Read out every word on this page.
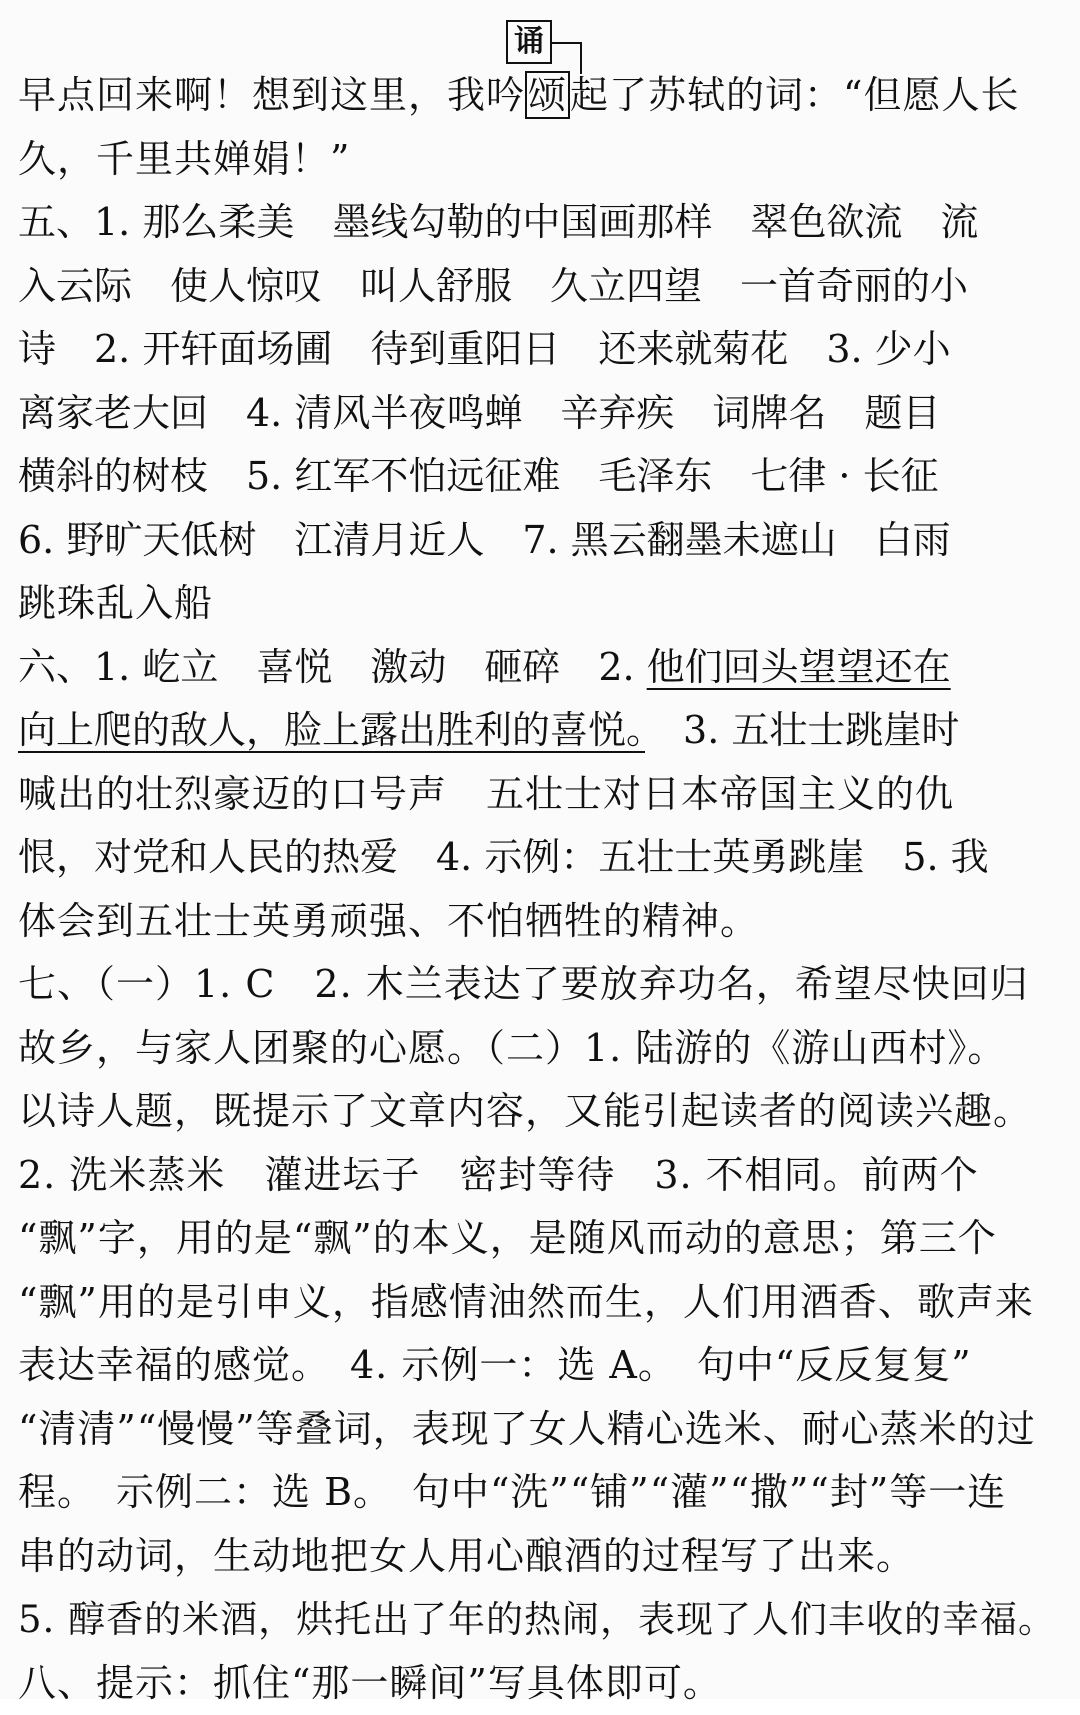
诵
早点回来啊！想到这里，我吟颂起了苏轼的词：“但愿人长
久，千里共婵娟！”
五、1. 那么柔美　墨线勾勒的中国画那样　翠色欲流　流
入云际　使人惊叹　叫人舒服　久立四望　一首奇丽的小
诗　2. 开轩面场圃　待到重阳日　还来就菊花　3. 少小
离家老大回　4. 清风半夜鸣蝉　辛弃疾　词牌名　题目
横斜的树枝　5. 红军不怕远征难　毛泽东　七律 · 长征
6. 野旷天低树　江清月近人　7. 黑云翻墨未遮山　白雨
跳珠乱入船
六、1. 屹立　喜悦　激动　砸碎　2. 他们回头望望还在
向上爬的敌人，脸上露出胜利的喜悦。　3. 五壮士跳崖时
喊出的壮烈豪迈的口号声　五壮士对日本帝国主义的仇
恨，对党和人民的热爱　4. 示例：五壮士英勇跳崖　5. 我
体会到五壮士英勇顽强、不怕牺牲的精神。
七、（一）1. C　2. 木兰表达了要放弃功名，希望尽快回归
故乡，与家人团聚的心愿。（二）1. 陆游的《游山西村》。
以诗人题，既提示了文章内容，又能引起读者的阅读兴趣。
2. 洗米蒸米　灌进坛子　密封等待　3. 不相同。前两个
“飘”字，用的是“飘”的本义，是随风而动的意思；第三个
“飘”用的是引申义，指感情油然而生，人们用酒香、歌声来
表达幸福的感觉。　4. 示例一：选 A。　句中“反反复复”
“清清”“慢慢”等叠词，表现了女人精心选米、耐心蒸米的过
程。　示例二：选 B。　句中“洗”“铺”“灌”“撒”“封”等一连
串的动词，生动地把女人用心酿酒的过程写了出来。
5. 醇香的米酒，烘托出了年的热闹，表现了人们丰收的幸福。
八、提示：抓住“那一瞬间”写具体即可。
